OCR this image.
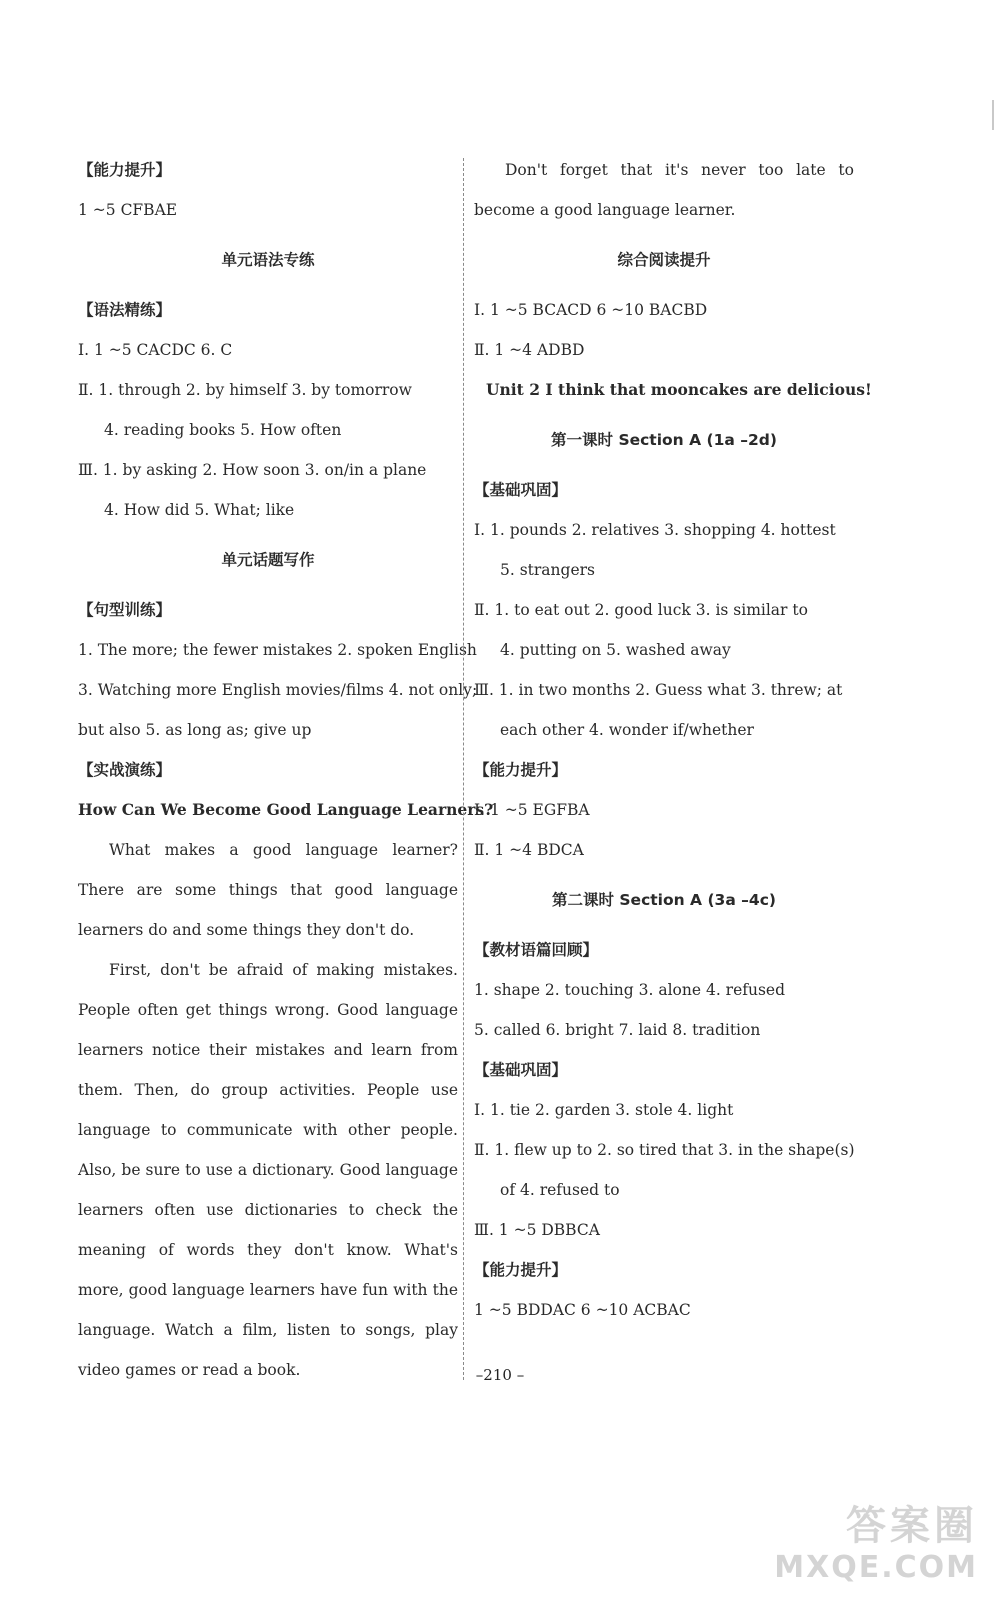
【能力提升】
1 ~5 CFBAE
单元语法专练
【语法精练】
Ⅰ. 1 ~5 CACDC 6. C
Ⅱ. 1. through 2. by himself 3. by tomorrow
4. reading books 5. How often
Ⅲ. 1. by asking 2. How soon 3. on/in a plane
4. How did 5. What; like
单元话题写作
【句型训练】
1. The more; the fewer mistakes 2. spoken English
3. Watching more English movies/films 4. not only;
but also 5. as long as; give up
【实战演练】
How Can We Become Good Language Learners?
What makes a good language learner? There are some things that good language learners do and some things they don't do.
First, don't be afraid of making mistakes. People often get things wrong. Good language learners notice their mistakes and learn from them. Then, do group activities. People use language to communicate with other people. Also, be sure to use a dictionary. Good language learners often use dictionaries to check the meaning of words they don't know. What's more, good language learners have fun with the language. Watch a film, listen to songs, play video games or read a book.
Don't forget that it's never too late to become a good language learner.
综合阅读提升
Ⅰ. 1 ~5 BCACD 6 ~10 BACBD
Ⅱ. 1 ~4 ADBD
Unit 2 I think that mooncakes are delicious!
第一课时 Section A (1a –2d)
【基础巩固】
Ⅰ. 1. pounds 2. relatives 3. shopping 4. hottest
5. strangers
Ⅱ. 1. to eat out 2. good luck 3. is similar to
4. putting on 5. washed away
Ⅲ. 1. in two months 2. Guess what 3. threw; at
each other 4. wonder if/whether
【能力提升】
Ⅰ. 1 ~5 EGFBA
Ⅱ. 1 ~4 BDCA
第二课时 Section A (3a –4c)
【教材语篇回顾】
1. shape 2. touching 3. alone 4. refused
5. called 6. bright 7. laid 8. tradition
【基础巩固】
Ⅰ. 1. tie 2. garden 3. stole 4. light
Ⅱ. 1. flew up to 2. so tired that 3. in the shape(s)
of 4. refused to
Ⅲ. 1 ~5 DBBCA
【能力提升】
1 ~5 BDDAC 6 ~10 ACBAC
–210 –
答案圈
MXQE.COM
